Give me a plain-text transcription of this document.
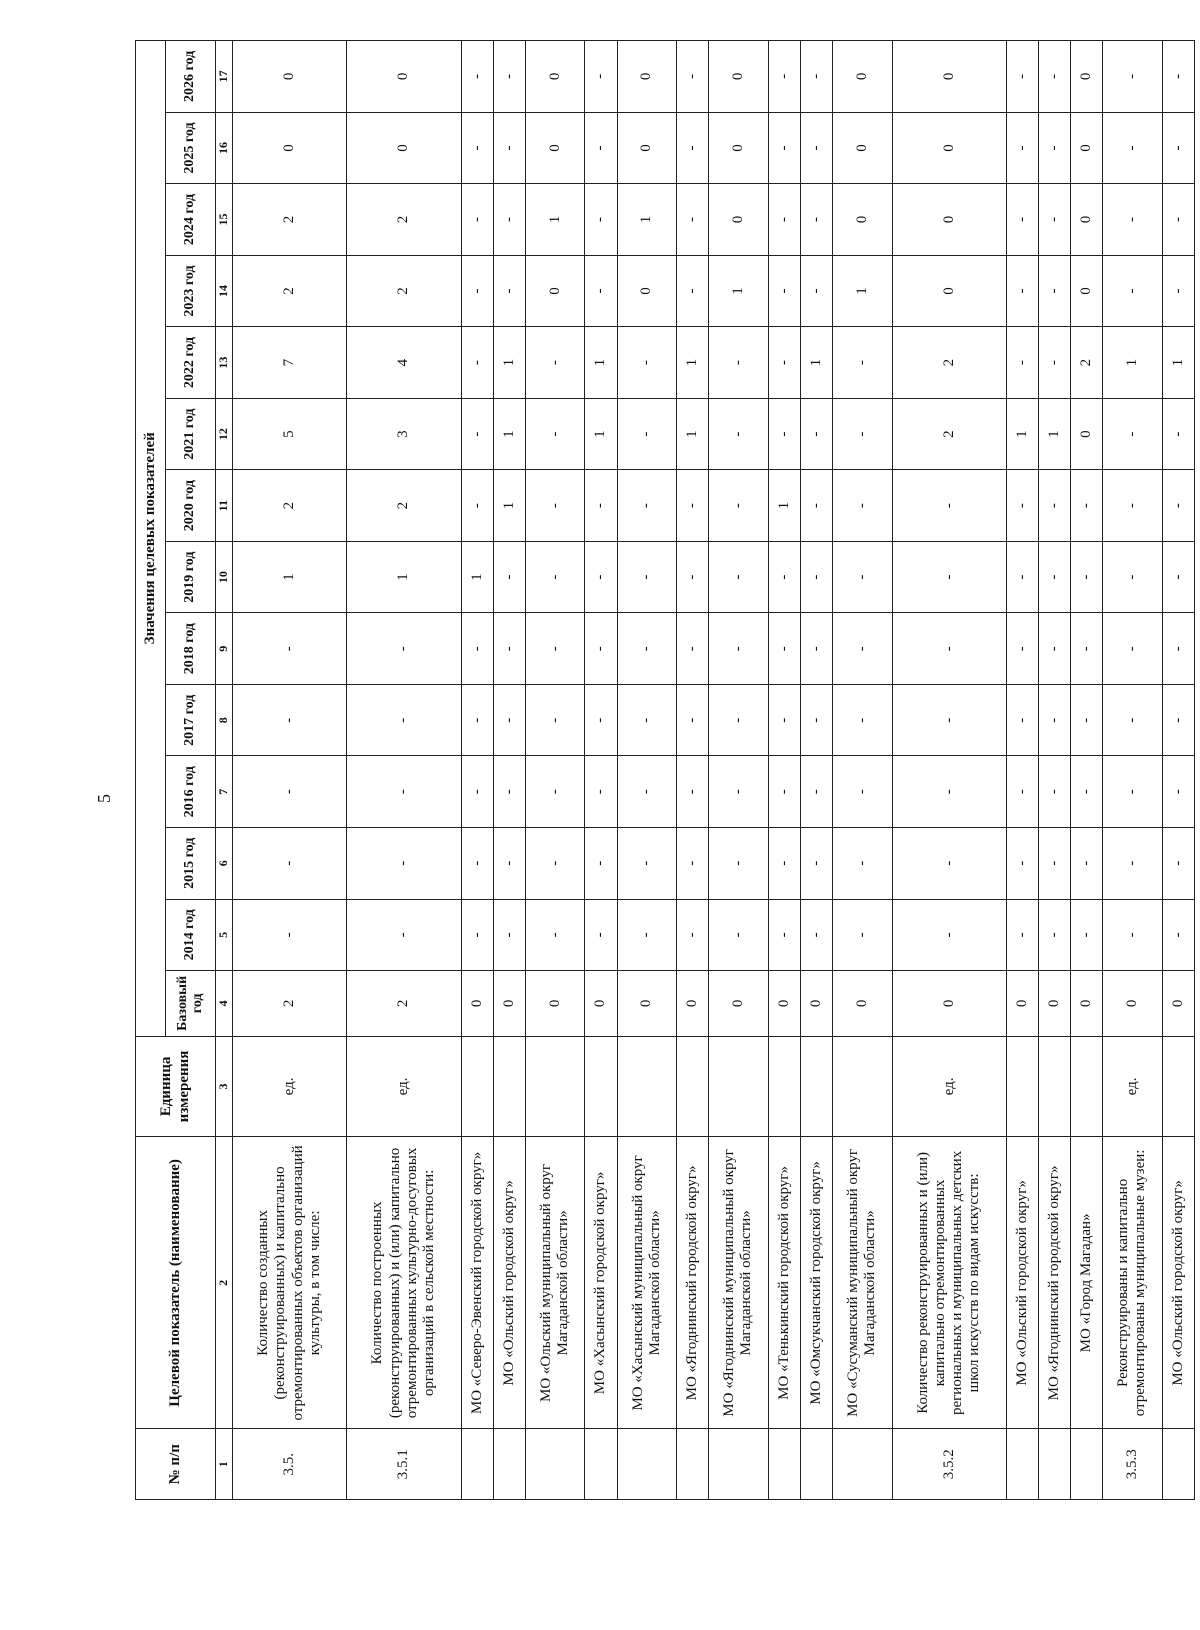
5
№ п/п	Целевой показатель (наименование)	Единица измерения	Значения целевых показателей													
			Базовый год	2014 год	2015 год	2016 год	2017 год	2018 год	2019 год	2020 год	2021 год	2022 год	2023 год	2024 год	2025 год	2026 год
1	2	3	4	5	6	7	8	9	10	11	12	13	14	15	16	17
3.5.	Количество созданных (реконструированных) и капитально отремонтированных объектов организаций культуры, в том числе:	ед.	2	-	-	-	-	-	1	2	5	7	2	2	0	0
3.5.1	Количество построенных (реконструированных) и (или) капитально отремонтированных культурно-досуговых организаций в сельской местности:	ед.	2	-	-	-	-	-	1	2	3	4	2	2	0	0
	МО «Северо-Эвенский городской округ»		0	-	-	-	-	-	1	-	-	-	-	-	-	-
	МО «Ольский городской округ»		0	-	-	-	-	-	-	1	1	1	-	-	-	-
	МО «Ольский муниципальный округ Магаданской области»		0	-	-	-	-	-	-	-	-	-	0	1	0	0
	МО «Хасынский городской округ»		0	-	-	-	-	-	-	-	1	1	-	-	-	-
	МО «Хасынский муниципальный округ Магаданской области»		0	-	-	-	-	-	-	-	-	-	0	1	0	0
	МО «Ягоднинский городской округ»		0	-	-	-	-	-	-	-	1	1	-	-	-	-
	МО «Ягоднинский муниципальный округ Магаданской области»		0	-	-	-	-	-	-	-	-	-	1	0	0	0
	МО «Тенькинский городской округ»		0	-	-	-	-	-	-	1	-	-	-	-	-	-
	МО «Омсукчанский городской округ»		0	-	-	-	-	-	-	-	-	1	-	-	-	-
	МО «Сусуманский муниципальный округ Магаданской области»		0	-	-	-	-	-	-	-	-	-	1	0	0	0
3.5.2	Количество реконструированных и (или) капитально отремонтированных региональных и муниципальных детских школ искусств по видам искусств:	ед.	0	-	-	-	-	-	-	-	2	2	0	0	0	0
	МО «Ольский городской округ»		0	-	-	-	-	-	-	-	1	-	-	-	-	-
	МО «Ягоднинский городской округ»		0	-	-	-	-	-	-	-	1	-	-	-	-	-
	МО «Город Магадан»		0	-	-	-	-	-	-	-	0	2	0	0	0	0
3.5.3	Реконструированы и капитально отремонтированы муниципальные музеи:	ед.	0	-	-	-	-	-	-	-	-	1	-	-	-	-
	МО «Ольский городской округ»		0	-	-	-	-	-	-	-	-	1	-	-	-	-
